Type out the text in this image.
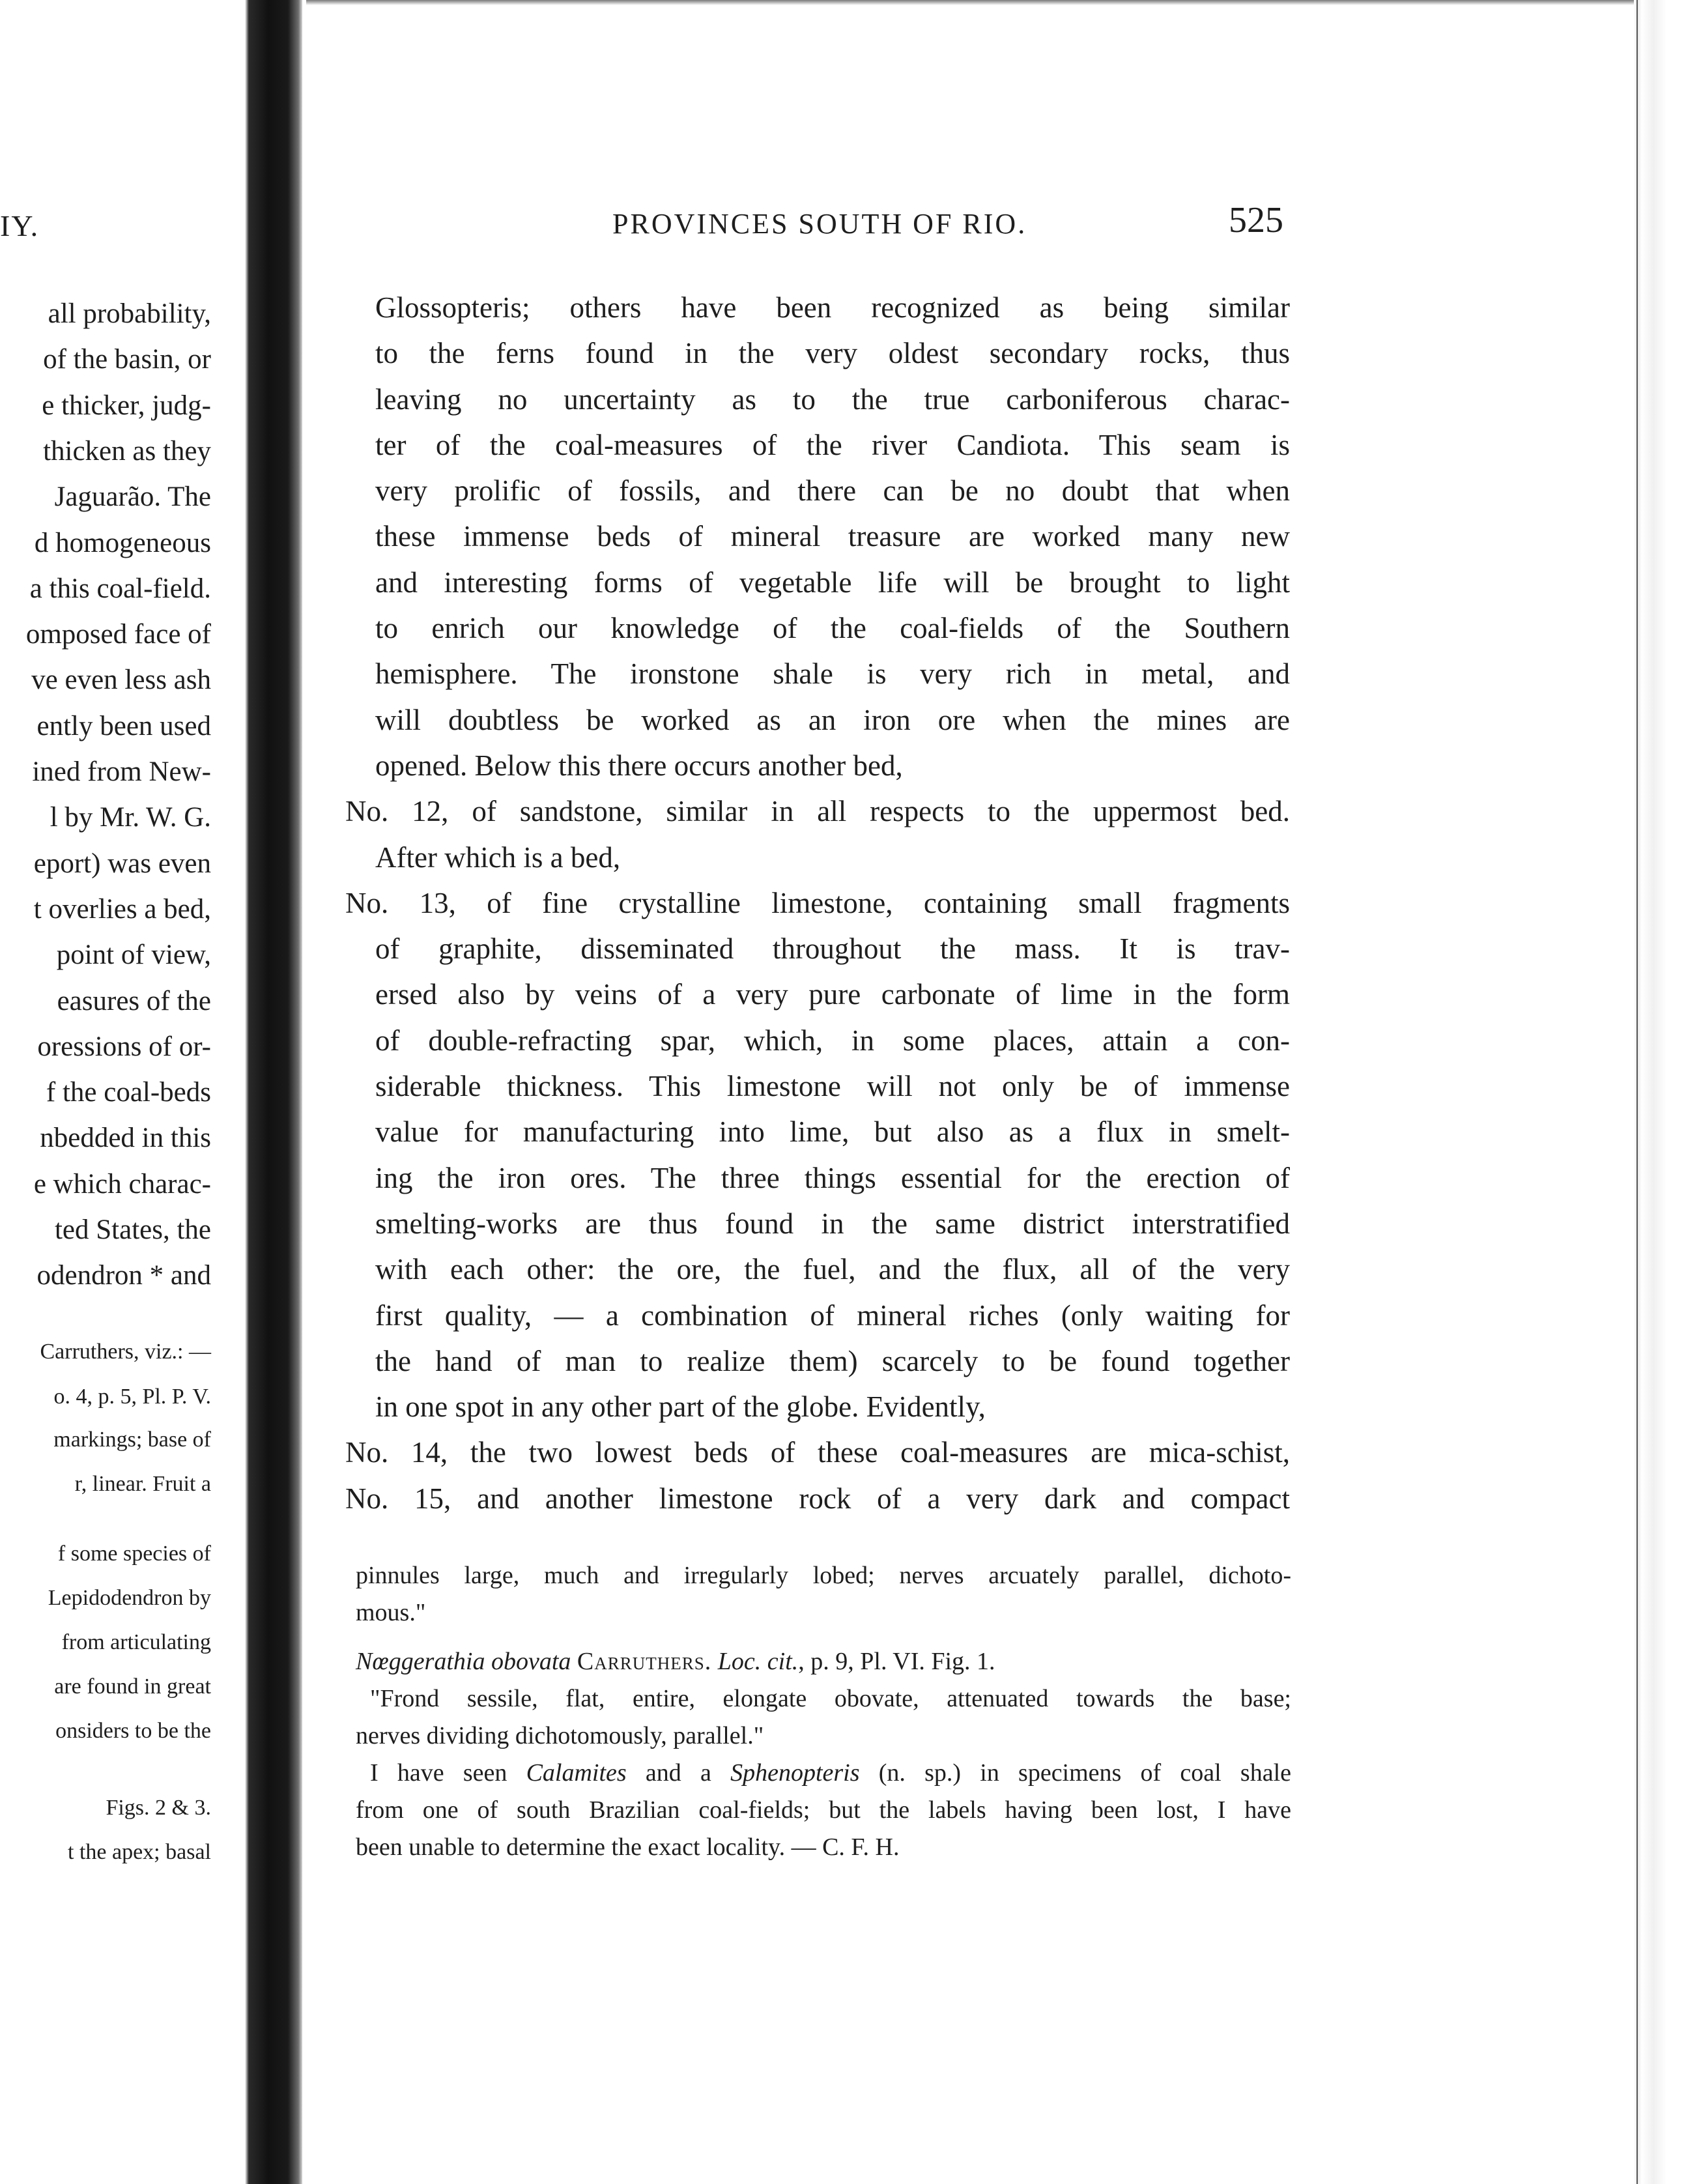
IY.
all probability,
of the basin, or
e thicker, judg-
thicken as they
Jaguarão. The
d homogeneous
a this coal-field.
omposed face of
ve even less ash
ently been used
ined from New-
l by Mr. W. G.
eport) was even
t overlies a bed,
point of view,
easures of the
oressions of or-
f the coal-beds
nbedded in this
e which charac-
ted States, the
odendron * and
Carruthers, viz.: —
o. 4, p. 5, Pl. P. V.
markings; base of
r, linear. Fruit a
f some species of
Lepidodendron by
from articulating
are found in great
onsiders to be the
Figs. 2 & 3.
t the apex; basal
PROVINCES SOUTH OF RIO.	525
Glossopteris; others have been recognized as being similar
to the ferns found in the very oldest secondary rocks, thus
leaving no uncertainty as to the true carboniferous charac-
ter of the coal-measures of the river Candiota. This seam is
very prolific of fossils, and there can be no doubt that when
these immense beds of mineral treasure are worked many new
and interesting forms of vegetable life will be brought to light
to enrich our knowledge of the coal-fields of the Southern
hemisphere. The ironstone shale is very rich in metal, and
will doubtless be worked as an iron ore when the mines are
opened. Below this there occurs another bed,
No. 12, of sandstone, similar in all respects to the uppermost bed.
After which is a bed,
No. 13, of fine crystalline limestone, containing small fragments
of graphite, disseminated throughout the mass. It is trav-
ersed also by veins of a very pure carbonate of lime in the form
of double-refracting spar, which, in some places, attain a con-
siderable thickness. This limestone will not only be of immense
value for manufacturing into lime, but also as a flux in smelt-
ing the iron ores. The three things essential for the erection of
smelting-works are thus found in the same district interstratified
with each other: the ore, the fuel, and the flux, all of the very
first quality, — a combination of mineral riches (only waiting for
the hand of man to realize them) scarcely to be found together
in one spot in any other part of the globe. Evidently,
No. 14, the two lowest beds of these coal-measures are mica-schist,
No. 15, and another limestone rock of a very dark and compact
pinnules large, much and irregularly lobed; nerves arcuately parallel, dichoto-
mous."
Nœggerathia obovata Carruthers. Loc. cit., p. 9, Pl. VI. Fig. 1.
"Frond sessile, flat, entire, elongate obovate, attenuated towards the base;
nerves dividing dichotomously, parallel."
I have seen Calamites and a Sphenopteris (n. sp.) in specimens of coal shale
from one of south Brazilian coal-fields; but the labels having been lost, I have
been unable to determine the exact locality. — C. F. H.
